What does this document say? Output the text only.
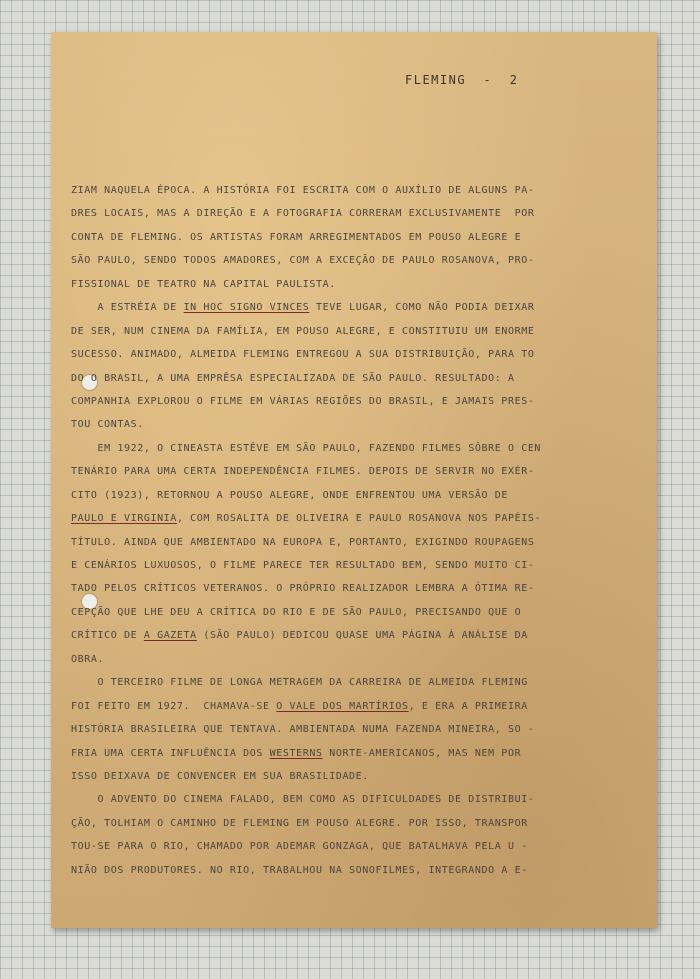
FLEMING  -  2

ZIAM NAQUELA ÉPOCA. A HISTÓRIA FOI ESCRITA COM O AUXÍLIO DE ALGUNS PA-
DRES LOCAIS, MAS A DIREÇÃO E A FOTOGRAFIA CORRERAM EXCLUSIVAMENTE  POR
CONTA DE FLEMING. OS ARTISTAS FORAM ARREGIMENTADOS EM POUSO ALEGRE E
SÃO PAULO, SENDO TODOS AMADORES, COM A EXCEÇÃO DE PAULO ROSANOVA, PRO-
FISSIONAL DE TEATRO NA CAPITAL PAULISTA.
A ESTRÉIA DE IN HOC SIGNO VINCES TEVE LUGAR, COMO NÃO PODIA DEIXAR
DE SER, NUM CINEMA DA FAMÍLIA, EM POUSO ALEGRE, E CONSTITUIU UM ENORME
SUCESSO. ANIMADO, ALMEIDA FLEMING ENTREGOU A SUA DISTRIBUIÇÃO, PARA TO
DO O BRASIL, A UMA EMPRÊSA ESPECIALIZADA DE SÃO PAULO. RESULTADO: A
COMPANHIA EXPLOROU O FILME EM VÁRIAS REGIÕES DO BRASIL, E JAMAIS PRES-
TOU CONTAS.
EM 1922, O CINEASTA ESTÊVE EM SÃO PAULO, FAZENDO FILMES SÔBRE O CEN
TENÁRIO PARA UMA CERTA INDEPENDÊNCIA FILMES. DEPOIS DE SERVIR NO EXÉR-
CITO (1923), RETORNOU A POUSO ALEGRE, ONDE ENFRENTOU UMA VERSÃO DE
PAULO E VIRGINIA, COM ROSALITA DE OLIVEIRA E PAULO ROSANOVA NOS PAPÉIS-
TÍTULO. AINDA QUE AMBIENTADO NA EUROPA E, PORTANTO, EXIGINDO ROUPAGENS
E CENÁRIOS LUXUOSOS, O FILME PARECE TER RESULTADO BEM, SENDO MUITO CI-
TADO PELOS CRÍTICOS VETERANOS. O PRÓPRIO REALIZADOR LEMBRA A ÓTIMA RE-
CEPÇÃO QUE LHE DEU A CRÍTICA DO RIO E DE SÃO PAULO, PRECISANDO QUE O
CRÍTICO DE A GAZETA (SÃO PAULO) DEDICOU QUASE UMA PÁGINA À ANÁLISE DA
OBRA.
O TERCEIRO FILME DE LONGA METRAGEM DA CARREIRA DE ALMEIDA FLEMING
FOI FEITO EM 1927.  CHAMAVA-SE O VALE DOS MARTÍRIOS, E ERA A PRIMEIRA
HISTÓRIA BRASILEIRA QUE TENTAVA. AMBIENTADA NUMA FAZENDA MINEIRA, SO -
FRIA UMA CERTA INFLUÊNCIA DOS WESTERNS NORTE-AMERICANOS, MAS NEM POR
ISSO DEIXAVA DE CONVENCER EM SUA BRASILIDADE.
O ADVENTO DO CINEMA FALADO, BEM COMO AS DIFICULDADES DE DISTRIBUI-
ÇÃO, TOLHIAM O CAMINHO DE FLEMING EM POUSO ALEGRE. POR ISSO, TRANSPOR
TOU-SE PARA O RIO, CHAMADO POR ADEMAR GONZAGA, QUE BATALHAVA PELA U -
NIÃO DOS PRODUTORES. NO RIO, TRABALHOU NA SONOFILMES, INTEGRANDO A E-
